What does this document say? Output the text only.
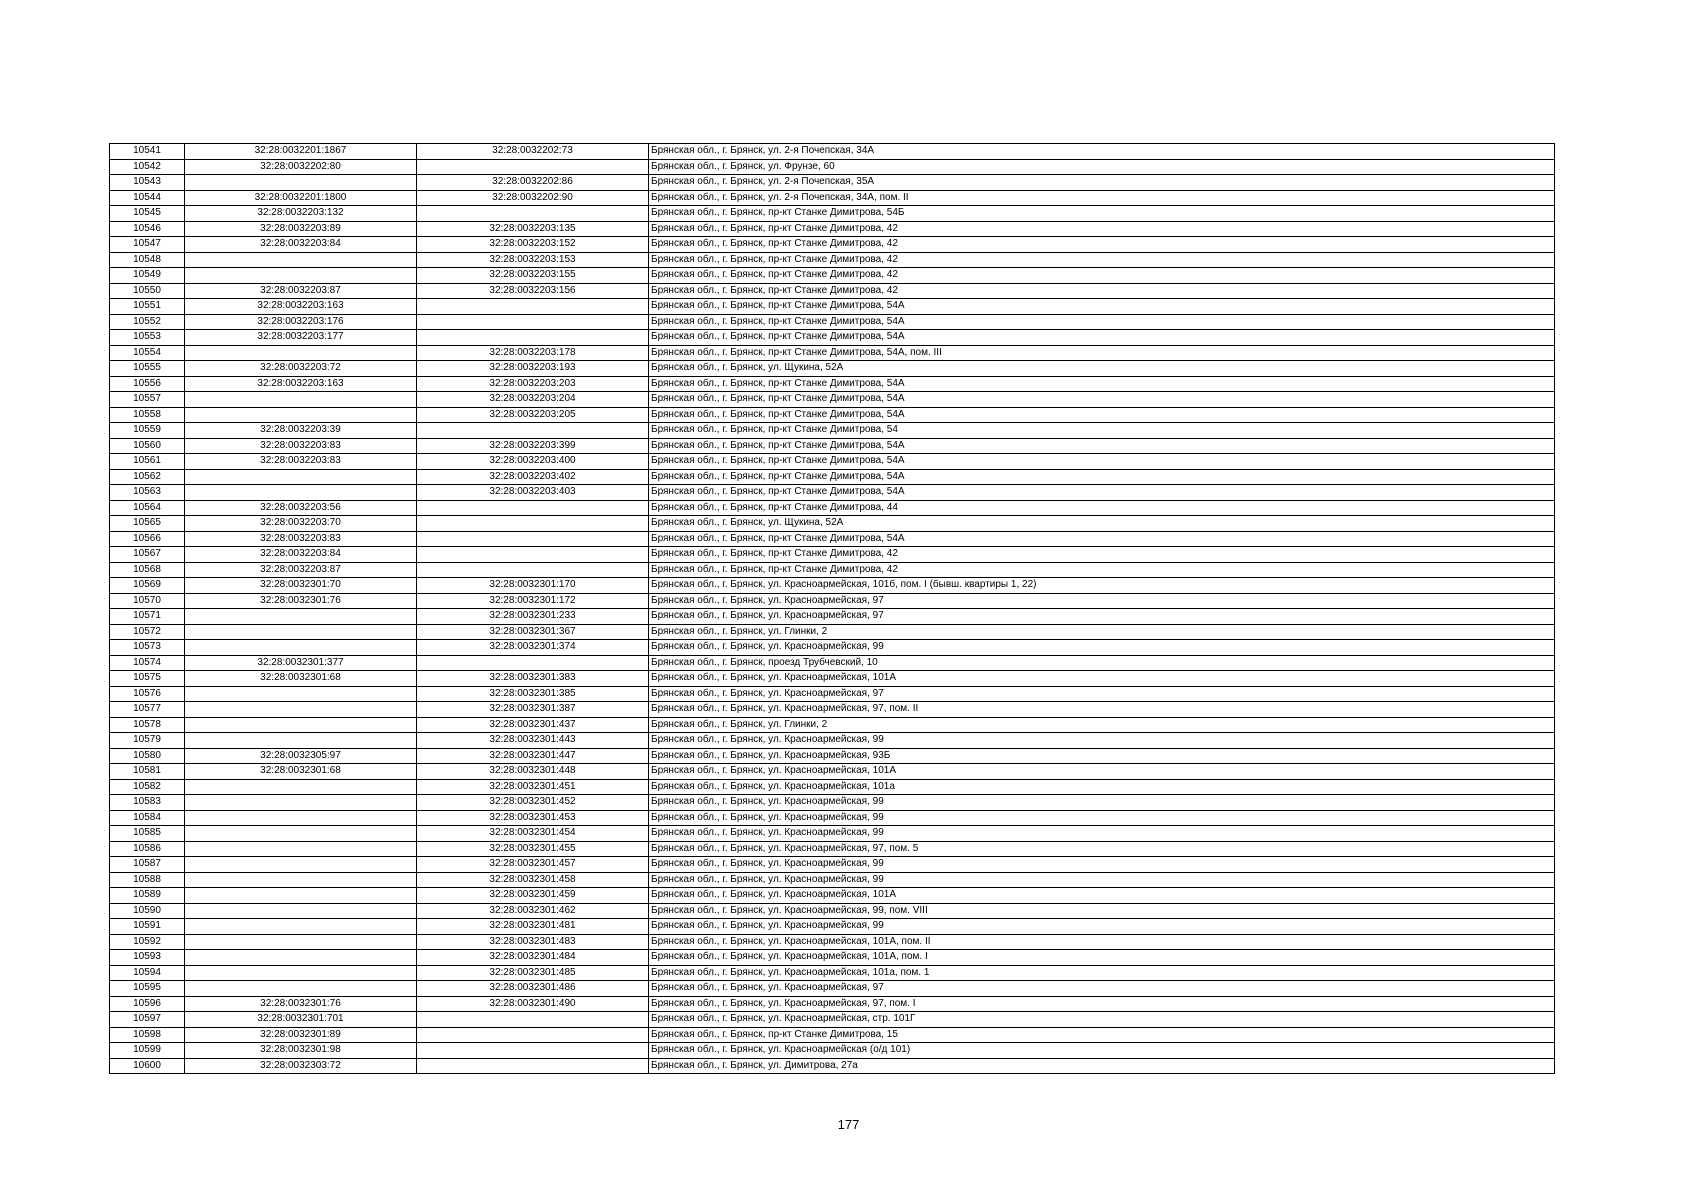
10541	32:28:0032201:1867	32:28:0032202:73	Брянская обл., г. Брянск, ул. 2-я Почепская, 34А
10542	32:28:0032202:80		Брянская обл., г. Брянск, ул. Фрунзе, 60
10543		32:28:0032202:86	Брянская обл., г. Брянск, ул. 2-я Почепская, 35А
10544	32:28:0032201:1800	32:28:0032202:90	Брянская обл., г. Брянск, ул. 2-я Почепская, 34А, пом. II
10545	32:28:0032203:132		Брянская обл., г. Брянск, пр-кт Станке Димитрова, 54Б
10546	32:28:0032203:89	32:28:0032203:135	Брянская обл., г. Брянск, пр-кт Станке Димитрова, 42
10547	32:28:0032203:84	32:28:0032203:152	Брянская обл., г. Брянск, пр-кт Станке Димитрова, 42
10548		32:28:0032203:153	Брянская обл., г. Брянск, пр-кт Станке Димитрова, 42
10549		32:28:0032203:155	Брянская обл., г. Брянск, пр-кт Станке Димитрова, 42
10550	32:28:0032203:87	32:28:0032203:156	Брянская обл., г. Брянск, пр-кт Станке Димитрова, 42
10551	32:28:0032203:163		Брянская обл., г. Брянск, пр-кт Станке Димитрова, 54А
10552	32:28:0032203:176		Брянская обл., г. Брянск, пр-кт Станке Димитрова, 54А
10553	32:28:0032203:177		Брянская обл., г. Брянск, пр-кт Станке Димитрова, 54А
10554		32:28:0032203:178	Брянская обл., г. Брянск, пр-кт Станке Димитрова, 54А, пом. III
10555	32:28:0032203:72	32:28:0032203:193	Брянская обл., г. Брянск, ул. Щукина, 52А
10556	32:28:0032203:163	32:28:0032203:203	Брянская обл., г. Брянск, пр-кт Станке Димитрова, 54А
10557		32:28:0032203:204	Брянская обл., г. Брянск, пр-кт Станке Димитрова, 54А
10558		32:28:0032203:205	Брянская обл., г. Брянск, пр-кт Станке Димитрова, 54А
10559	32:28:0032203:39		Брянская обл., г. Брянск, пр-кт Станке Димитрова, 54
10560	32:28:0032203:83	32:28:0032203:399	Брянская обл., г. Брянск, пр-кт Станке Димитрова, 54А
10561	32:28:0032203:83	32:28:0032203:400	Брянская обл., г. Брянск, пр-кт Станке Димитрова, 54А
10562		32:28:0032203:402	Брянская обл., г. Брянск, пр-кт Станке Димитрова, 54А
10563		32:28:0032203:403	Брянская обл., г. Брянск, пр-кт Станке Димитрова, 54А
10564	32:28:0032203:56		Брянская обл., г. Брянск, пр-кт Станке Димитрова, 44
10565	32:28:0032203:70		Брянская обл., г. Брянск, ул. Щукина, 52А
10566	32:28:0032203:83		Брянская обл., г. Брянск, пр-кт Станке Димитрова, 54А
10567	32:28:0032203:84		Брянская обл., г. Брянск, пр-кт Станке Димитрова, 42
10568	32:28:0032203:87		Брянская обл., г. Брянск, пр-кт Станке Димитрова, 42
10569	32:28:0032301:70	32:28:0032301:170	Брянская обл., г. Брянск, ул. Красноармейская, 101б, пом. I (бывш. квартиры 1, 22)
10570	32:28:0032301:76	32:28:0032301:172	Брянская обл., г. Брянск, ул. Красноармейская, 97
10571		32:28:0032301:233	Брянская обл., г. Брянск, ул. Красноармейская, 97
10572		32:28:0032301:367	Брянская обл., г. Брянск, ул. Глинки, 2
10573		32:28:0032301:374	Брянская обл., г. Брянск, ул. Красноармейская, 99
10574	32:28:0032301:377		Брянская обл., г. Брянск, проезд Трубчевский, 10
10575	32:28:0032301:68	32:28:0032301:383	Брянская обл., г. Брянск, ул. Красноармейская, 101А
10576		32:28:0032301:385	Брянская обл., г. Брянск, ул. Красноармейская, 97
10577		32:28:0032301:387	Брянская обл., г. Брянск, ул. Красноармейская, 97, пом. II
10578		32:28:0032301:437	Брянская обл., г. Брянск, ул. Глинки, 2
10579		32:28:0032301:443	Брянская обл., г. Брянск, ул. Красноармейская, 99
10580	32:28:0032305:97	32:28:0032301:447	Брянская обл., г. Брянск, ул. Красноармейская, 93Б
10581	32:28:0032301:68	32:28:0032301:448	Брянская обл., г. Брянск, ул. Красноармейская, 101А
10582		32:28:0032301:451	Брянская обл., г. Брянск, ул. Красноармейская, 101а
10583		32:28:0032301:452	Брянская обл., г. Брянск, ул. Красноармейская, 99
10584		32:28:0032301:453	Брянская обл., г. Брянск, ул. Красноармейская, 99
10585		32:28:0032301:454	Брянская обл., г. Брянск, ул. Красноармейская, 99
10586		32:28:0032301:455	Брянская обл., г. Брянск, ул. Красноармейская, 97, пом. 5
10587		32:28:0032301:457	Брянская обл., г. Брянск, ул. Красноармейская, 99
10588		32:28:0032301:458	Брянская обл., г. Брянск, ул. Красноармейская, 99
10589		32:28:0032301:459	Брянская обл., г. Брянск, ул. Красноармейская, 101А
10590		32:28:0032301:462	Брянская обл., г. Брянск, ул. Красноармейская, 99, пом. VIII
10591		32:28:0032301:481	Брянская обл., г. Брянск, ул. Красноармейская, 99
10592		32:28:0032301:483	Брянская обл., г. Брянск, ул. Красноармейская, 101А, пом. II
10593		32:28:0032301:484	Брянская обл., г. Брянск, ул. Красноармейская, 101А, пом. I
10594		32:28:0032301:485	Брянская обл., г. Брянск, ул. Красноармейская, 101а, пом. 1
10595		32:28:0032301:486	Брянская обл., г. Брянск, ул. Красноармейская, 97
10596	32:28:0032301:76	32:28:0032301:490	Брянская обл., г. Брянск, ул. Красноармейская, 97, пом. I
10597	32:28:0032301:701		Брянская обл., г. Брянск, ул. Красноармейская, стр. 101Г
10598	32:28:0032301:89		Брянская обл., г. Брянск, пр-кт Станке Димитрова, 15
10599	32:28:0032301:98		Брянская обл., г. Брянск, ул. Красноармейская (о/д 101)
10600	32:28:0032303:72		Брянская обл., г. Брянск, ул. Димитрова, 27а
177
